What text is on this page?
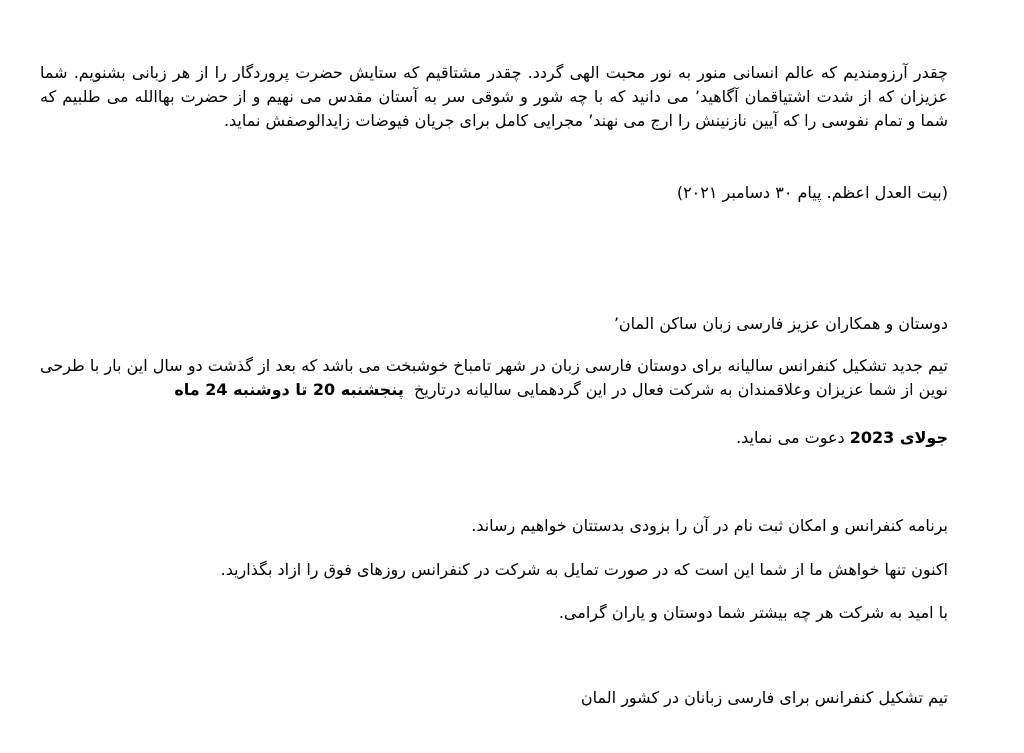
چقدر آرزومندیم که عالم انسانی منور به نور محبت الهی گردد. چقدر مشتاقیم که ستایش حضرت پروردگار را از هر زبانی بشنویم. شما عزیزان که از شدت اشتیاقمان آگاهید’ می دانید که با چه شور و شوقی سر به آستان مقدس می نهیم و از حضرت بهاالله می طلبیم که شما و تمام نفوسی را که آیین نازنینش را ارج می نهند’ مجرایی کامل برای جریان فیوضات زایدالوصفش نماید.

(بیت العدل اعظم. پیام ۳۰ دسامبر ۲۰۲۱)

دوستان و همکاران عزیز فارسی زبان ساکن المان’

تیم جدید تشکیل کنفرانس سالیانه برای دوستان فارسی زبان در شهر تامباخ خوشبخت می باشد که بعد از گذشت دو سال این بار با طرحی نوین از شما عزیزان وعلاقمندان به شرکت فعال در این گردهمایی سالیانه درتاریخ  پنجشنبه 20 تا دوشنبه 24 ماه

جولای 2023 دعوت می نماید.

برنامه کنفرانس و امکان ثبت نام در آن را بزودی بدستتان خواهیم رساند.

اکنون تنها خواهش ما از شما این است که در صورت تمایل به شرکت در کنفرانس روزهای فوق را ازاد بگذارید.

با امید به شرکت هر چه بیشتر شما دوستان و یاران گرامی.

تیم تشکیل کنفرانس برای فارسی زبانان در کشور المان
